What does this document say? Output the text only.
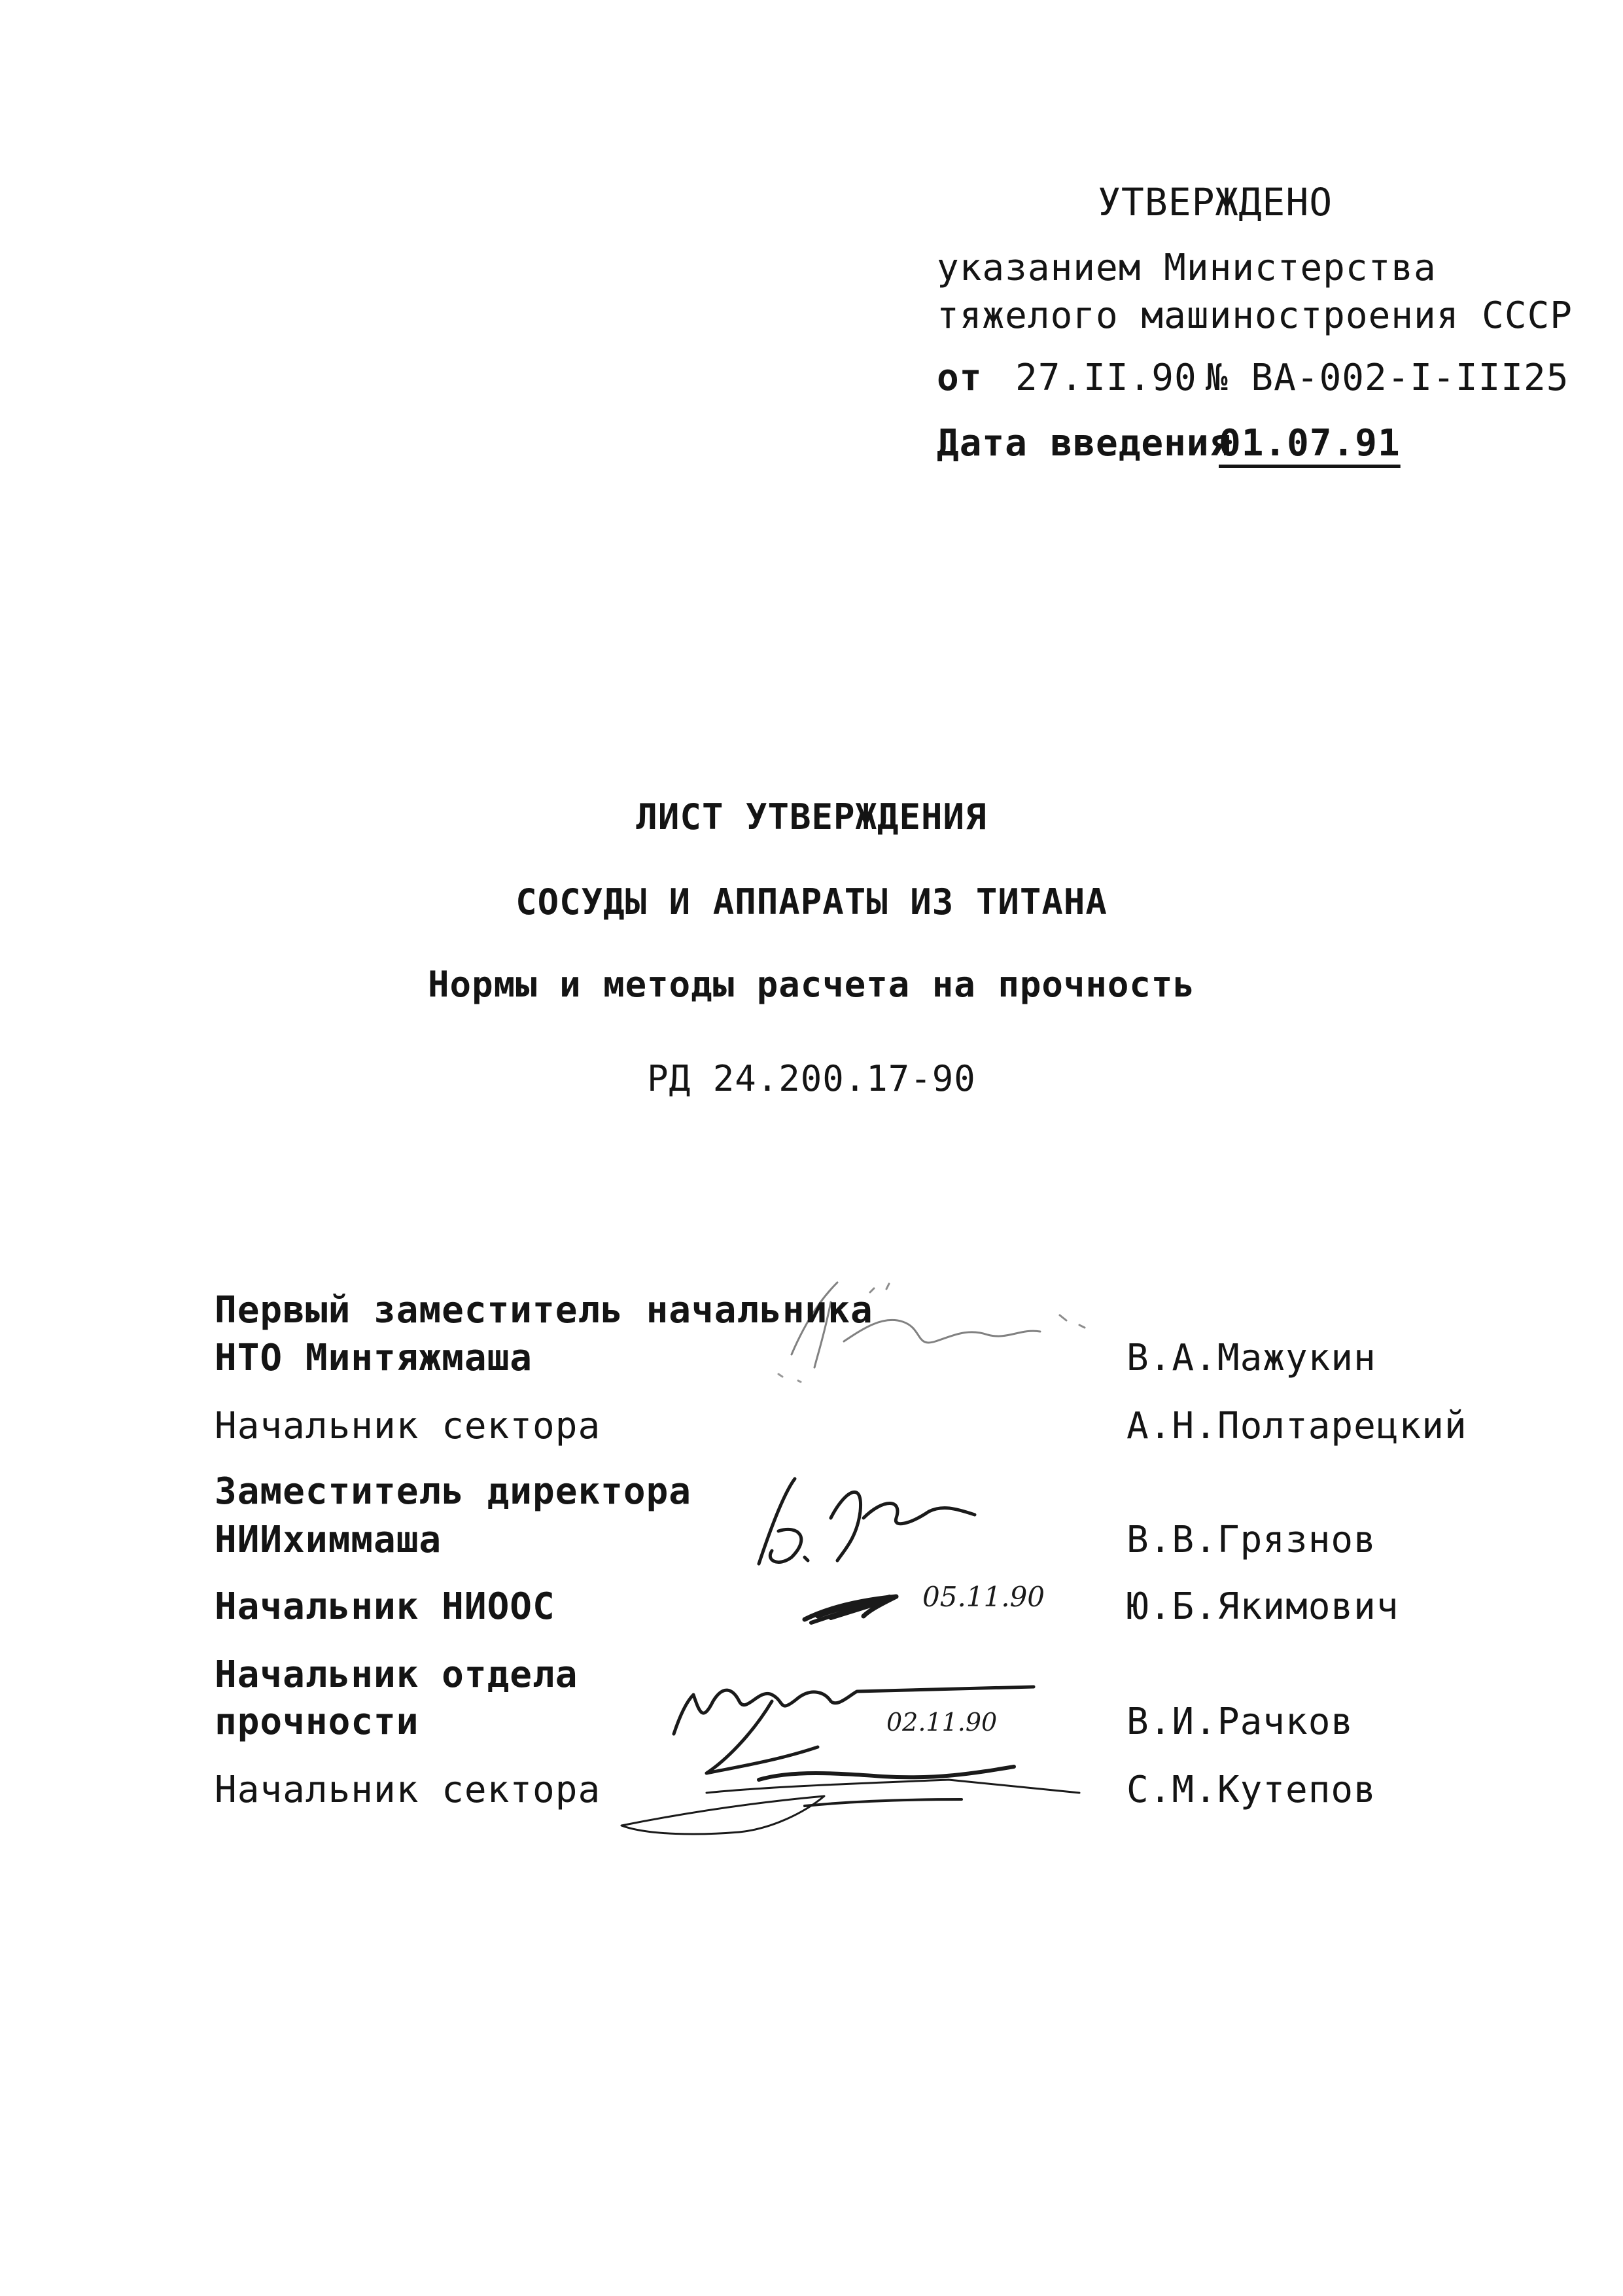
УТВЕРЖДЕНО
указанием Министерства
тяжелого машиностроения СССР
от 27.II.90 № ВА-002-I-III25
Дата введения
01.07.91
ЛИСТ УТВЕРЖДЕНИЯ
СОСУДЫ И АППАРАТЫ ИЗ ТИТАНА
Нормы и методы расчета на прочность
РД 24.200.17-90
Первый заместитель начальника
НТО Минтяжмаша	В.А.Мажукин
Начальник сектора	А.Н.Полтарецкий
Заместитель директора
НИИхиммаша	В.В.Грязнов
Начальник НИООС	Ю.Б.Якимович
Начальник отдела
прочности	В.И.Рачков
Начальник сектора	С.М.Кутепов
05.11.90
02.11.90
